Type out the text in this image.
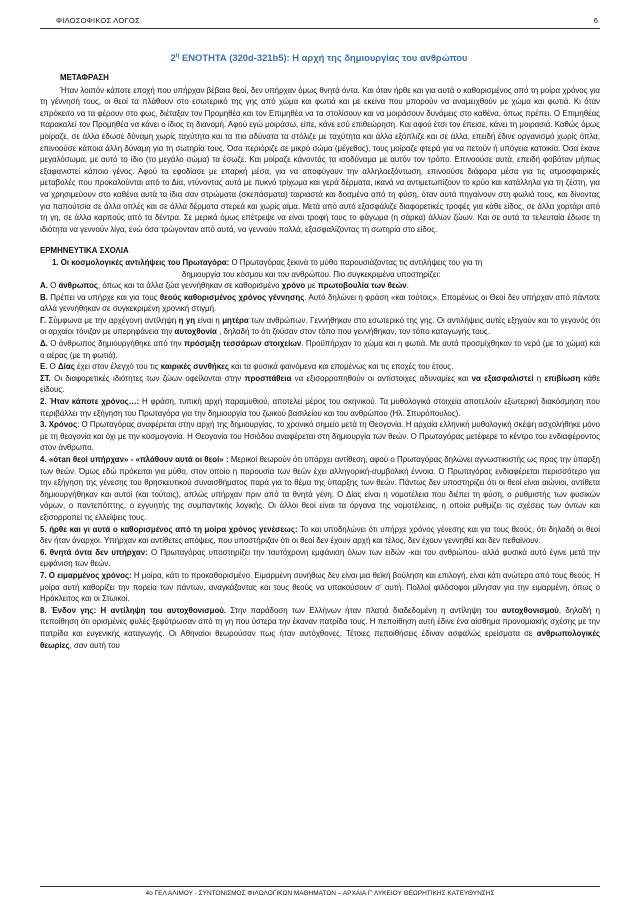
ΦΙΛΟΣΟΦΙΚΟΣ ΛΟΓΟΣ	6
$2^\eta$ ΕΝΟΤΗΤΑ (320d-321b5): Η αρχή της δημιουργίας του ανθρώπου

ΜΕΤΑΦΡΑΣΗ

Ήταν λοιπόν κάποτε εποχή που υπήρχαν βέβαια θεοί, δεν υπήρχαν όμως θνητά όντα. Και όταν ήρθε και για αυτά ο καθορισμένος από τη μοίρα χρόνος για τη γέννησή τους, οι θεοί τα πλάθουν στο εσωτερικό της γης από χώμα και φωτιά και με εκείνα που μπορούν να αναμειχθούν με χώμα και φωτιά. Κι όταν επρόκειτο να τα φέρουν στο φως, διέταξαν τον Προμηθέα και τον Επιμηθέα να τα στολίσουν και να μοιράσουν δυνάμεις στο καθένα, όπως πρέπει. Ο Επιμηθέας παρακαλεί τον Προμηθέα να κάνει ο ίδιος τη διανομή. Αφού εγώ μοιράσω, είπε, κάνε εσύ επιθεώρηση. Και αφού έτσι τον έπεισε, κάνει τη μοιρασιά. Καθώς όμως μοίραζε, σε άλλα έδωσε δύναμη χωρίς ταχύτητα και τα πιο αδύνατα τα στόλιζε με ταχύτητα και άλλα εξόπλιζε και σε άλλα, επειδή έδινε οργανισμό χωρίς όπλα, επινοούσε κάποια άλλη δύναμη για τη σωτηρία τους. Όσα περιόριζε σε μικρό σώμα (μέγεθος), τους μοίραζε φτερά για να πετούν ή υπόγεια κατοικία. Όσα έκανε μεγαλόσωμα, με αυτό το ίδιο (το μεγάλο σώμα) τα έσωζε. Και μοίραζε κάνοντάς τα ισοδύναμα με αυτόν τον τρόπο. Επινοούσε αυτά, επειδή φοβόταν μήπως εξαφανιστεί κάποιο γένος. Αφού τα εφοδίασε με επαρκή μέσα, για να αποφύγουν την αλληλοεξόντωση, επινοούσε διάφορα μέσα για τις ατμοσφαιρικές μεταβολές που προκαλούνται από το Δία, ντύνοντας αυτά με πυκνό τρίχωμα και γερά δέρματα, ικανά να αντιμετωπίζουν το κρύο και κατάλληλα για τη ζέστη, για να χρησιμεύουν στο καθένα αυτά τα ίδια σαν στρώματα (σκεπάσματα) ταιριαστά και δοσμένα από τη φύση, όταν αυτά πηγαίνουν στη φωλιά τους, και δίνοντας για παπούτσια σε άλλα οπλές και σε άλλα δέρματα στερεά και χωρίς αίμα. Μετά από αυτό εξασφάλιζε διαφορετικές τροφές για κάθε είδος, σε άλλα χορτάρι από τη γη, σε άλλα καρπούς από τα δέντρα. Σε μερικά όμως επέτρεψε να είναι τροφή τους το φάγωμα (η σάρκα) άλλων ζώων. Και σε αυτά τα τελευταία έδωσε τη ιδιότητα να γεννούν λίγα, ενώ όσα τρώγονταν από αυτά, να γεννούν πολλά, εξασφαλίζοντας τη σωτηρία στο είδος.

ΕΡΜΗΝΕΥΤΙΚΑ ΣΧΟΛΙΑ

1. Οι κοσμολογικές αντιλήψεις του Πρωταγόρα: Ο Πρωταγόρας ξεκινά το μύθο παρουσιάζοντας τις αντιλήψεις του για τη
δημιουργία του κόσμου και του ανθρώπου. Πιο συγκεκριμένα υποστηρίζει:

Α. Ο άνθρωπος, όπως και τα άλλα ζώα γεννήθηκαν σε καθορισμένο χρόνο με πρωτοβουλία των θεών.

Β. Πρέπει να υπήρχε και για τους θεούς καθορισμένος χρόνος γέννησης. Αυτό δηλώνει η φράση «και τούτοις». Επομένως οι Θεοί δεν υπήρχαν από πάντοτε αλλά γεννήθηκαν σε συγκεκριμένη χρονική στιγμή.

Γ. Σύμφωνα με την αρχέγονη αντίληψη η γη είναι η μητέρα των ανθρώπων. Γεννήθηκαν στο εσωτερικό της γης. Οι αντιλήψεις αυτές εξηγούν και το γεγονός ότι οι αρχαίοι τόνιζαν με υπερηφάνεια την αυτοχθονία , δηλαδή το ότι ζούσαν στον τόπο που γεννήθηκαν, τον τόπο καταγωγής τους.

Δ. Ο άνθρωπος δημιουργήθηκε από την πρόσμιξη τεσσάρων στοιχείων. Προϋπήρχαν το χώμα και η φωτιά. Με αυτά προσμίχθηκαν το νερό (με το χώμα) και ο αέρας (με τη φωτιά).

Ε. Ο Δίας έχει στον έλεγχό του τις καιρικές συνθήκες και τα φυσικά φαινόμενα και επομένως και τις εποχές του έτους.

ΣΤ. Οι διαφορετικές ιδιότητες των ζώων οφείλονται στην προσπάθεια να εξισορροπηθούν οι αντίστοιχες αδυναμίες και να εξασφαλιστεί η επιβίωση κάθε είδους.

2. Ήταν κάποτε χρόνος…: Η φράση, τυπική αρχή παραμυθιού, αποτελεί μέρος του σκηνικού. Τα μυθολογικά στοιχεία αποτελούν εξωτερική διακόσμηση που περιβάλλει την εξήγηση του Πρωταγόρα για την δημιουργία του ζωικού βασιλείου και του ανθρώπου (Ηλ. Σπυρόπουλος).

3. Χρόνος: Ο Πρωταγόρας αναφέρεται στην αρχή της δημιουργίας, το χρονικό σημείο μετά τη Θεογονία. Η αρχαία ελληνική μυθολογική σκέψη ασχολήθηκε μόνο με τη θεογονία και όχι με την κοσμογονία. Η Θεογονία του Ησιόδου αναφέρεται στη δημιουργία των θεών. Ο Πρωταγόρας μετέφερε το κέντρο του ενδιαφέροντος στον άνθρωπο.

4. «ότan θεοί υπήρχαν» - «πλάθουν αυτά οι θεοί» : Μερικοί θεωρούν ότι υπάρχει αντίθεση, αφού ο Πρωταγόρας δηλώνει αγνωστικιστής ως προς την ύπαρξη των θεών. Όμως εδώ πρόκειται για μύθο, στον οποίο η παρουσία των θεών έχει αλληγορική-συμβολική έννοια. Ο Πρωταγόρας ενδιαφέρεται περισσότερο για την εξήγηση της γένεσης του θρησκευτικού συναισθήματος παρά για το θέμα της ύπαρξης των θεών. Πάντως δεν υποστηρίζει ότι οι θεοί είναι αιώνιοι, αντίθετα δημιουργήθηκαν και αυτοί (και τούτοις), απλώς υπήρχαν πριν από τα θνητά γένη. Ο Δίας είναι η νομοτέλεια που διέπει τη φύση, ο ρυθμιστής των φυσικών νόμων, ο παντεπόπτης, ο εγγυητής της συμπαντικής λογικής. Οι άλλοι θεοί είναι τα όργανα της νομοτέλειας, η οποία ρυθμίζει τις σχέσεις των όντων και εξισορροπεί τις ελλείψεις τους.

5. ήρθε και γι αυτά ο καθορισμένος από τη μοίρα χρόνος γενέσεως: Το και υποδηλώνει ότι υπήρχε χρόνος γένεσης και για τους θεούς, ότι δηλαδή οι θεοί δεν ήταν άναρχοι. Υπήρχαν και αντίθετες απόψεις, που υποστήριζαν ότι οι θεοί δεν έχουν αρχή και τέλος, δεν έχουν γεννηθεί και δεν πεθαίνουν.

6. θνητά όντα δεν υπήρχαν: Ο Πρωταγόρας υποστηρίζει την ταυτόχρονη εμφάνιση όλων των ειδών -και του ανθρώπου- αλλά φυσικά αυτό έγινε μετά την εμφάνιση των θεών.

7. Ο ειμαρμένος χρόνος: Η μοίρα, κάτι το προκαθορισμένο. Ειμαρμένη συνήθως δεν είναι μια θεϊκή βούληση και επιλογή, είναι κάτι ανώτερο από τους θεούς. Η μοίρα αυτή καθορίζει την πορεία των πάντων, αναγκάζοντας και τους θεούς να υπακούσουν σ' αυτή. Πολλοί φιλόσοφοι μίλησαν για την ειμαρμένη, όπως ο Ηράκλειτος και οι Στωικοί.

8. Ένδον γης: Η αντίληψη του αυτοχθονισμού. Στην παράδοση των Ελλήνων ήταν πλατιά διαδεδομένη η αντίληψη του αυτοχθονισμού, δηλαδή η πεποίθηση ότι ορισμένες φυλές ξεφύτρωσαν από τη γη που ύστερα την έκαναν πατρίδα τους. Η πεποίθηση αυτή έδινε ένα αίσθημα προνομιακής σχέσης με την πατρίδα και ευγενικής καταγωγής. Οι Αθηναίοι θεωρούσαν πως ήταν αυτόχθονες. Τέτοιες πεποιθήσεις έδιναν ασφαλώς ερείσματα σε ανθρωπολογικές θεωρίες, σαν αυτή του

4ο ΓΕΛ ΑΛΙΜΟΥ - ΣΥΝΤΟΝΙΣΜΟΣ ΦΙΛΟΛΟΓΙΚΩΝ ΜΑΘΗΜΑΤΩΝ – ΑΡΧΑΙΑ Γ' ΛΥΚΕΙΟΥ ΘΕΩΡΗΤΙΚΗΣ ΚΑΤΕΥΘΥΝΣΗΣ
